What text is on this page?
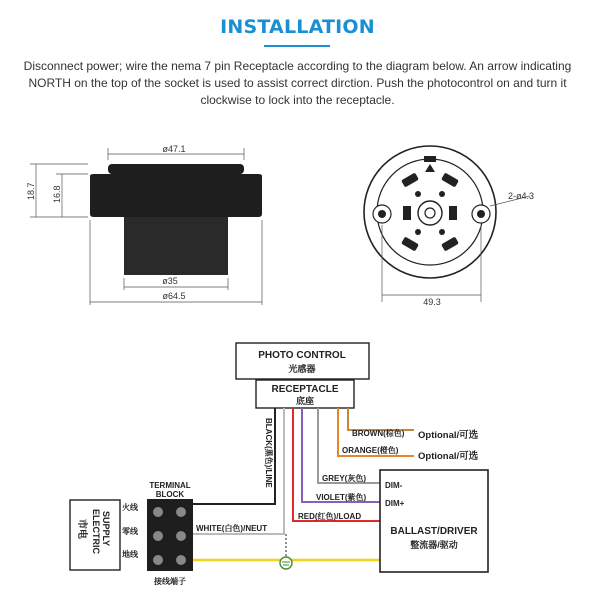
INSTALLATION
Disconnect power; wire the nema 7 pin Receptacle according to the diagram below. An arrow indicating NORTH on the top of the socket is used to assist correct dirction. Push the photocontrol on and turn it clockwise to lock into the receptacle.
ø47.1
18.7 16.8
ø35
ø64.5
2-ø4.3
49.3
PHOTO CONTROL
光感器
RECEPTACLE
底座
BLACK(黑色)/LINE	BROWN(棕色) Optional/可选
ORANGE(橙色)
Optional/可选
GREY(灰色)
VIOLET(紫色)
RED(红色)/LOAD
WHITE(白色)/NEUT
DIM-
DIM+
BALLAST/DRIVER
整流器/驱动
TERMINAL
BLOCK
接线端子
火线
零线
地线
ELECTRIC SUPPLY
市电
